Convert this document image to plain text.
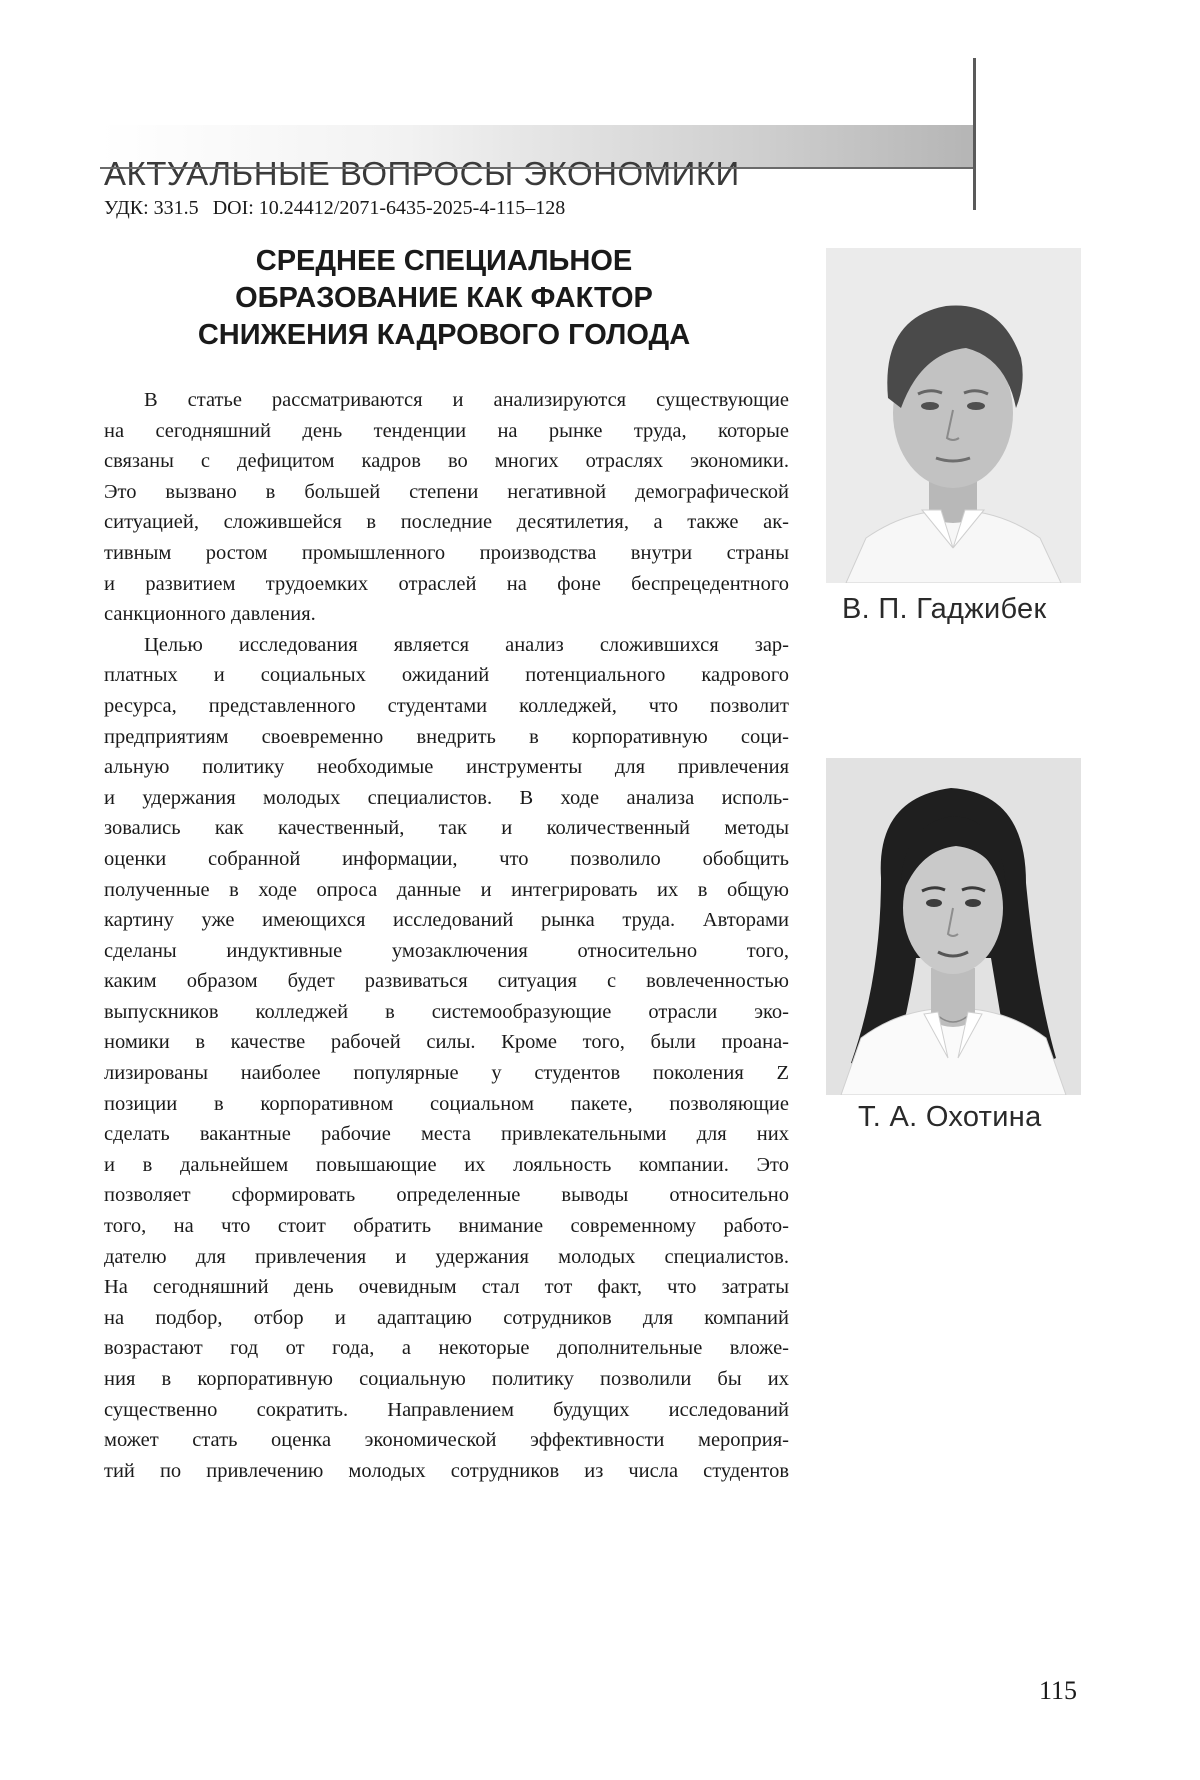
АКТУАЛЬНЫЕ ВОПРОСЫ ЭКОНОМИКИ
УДК: 331.5 DOI: 10.24412/2071-6435-2025-4-115–128
СРЕДНЕЕ СПЕЦИАЛЬНОЕ
ОБРАЗОВАНИЕ КАК ФАКТОР
СНИЖЕНИЯ КАДРОВОГО ГОЛОДА
В статье рассматриваются и анализируются существующие
на сегодняшний день тенденции на рынке труда, которые
связаны с дефицитом кадров во многих отраслях экономики.
Это вызвано в большей степени негативной демографической
ситуацией, сложившейся в последние десятилетия, а также ак-
тивным ростом промышленного производства внутри страны
и развитием трудоемких отраслей на фоне беспрецедентного
санкционного давления.
Целью исследования является анализ сложившихся зар-
платных и социальных ожиданий потенциального кадрового
ресурса, представленного студентами колледжей, что позволит
предприятиям своевременно внедрить в корпоративную соци-
альную политику необходимые инструменты для привлечения
и удержания молодых специалистов. В ходе анализа исполь-
зовались как качественный, так и количественный методы
оценки собранной информации, что позволило обобщить
полученные в ходе опроса данные и интегрировать их в общую
картину уже имеющихся исследований рынка труда. Авторами
сделаны индуктивные умозаключения относительно того,
каким образом будет развиваться ситуация с вовлеченностью
выпускников колледжей в системообразующие отрасли эко-
номики в качестве рабочей силы. Кроме того, были проана-
лизированы наиболее популярные у студентов поколения Z
позиции в корпоративном социальном пакете, позволяющие
сделать вакантные рабочие места привлекательными для них
и в дальнейшем повышающие их лояльность компании. Это
позволяет сформировать определенные выводы относительно
того, на что стоит обратить внимание современному работо-
дателю для привлечения и удержания молодых специалистов.
На сегодняшний день очевидным стал тот факт, что затраты
на подбор, отбор и адаптацию сотрудников для компаний
возрастают год от года, а некоторые дополнительные вложе-
ния в корпоративную социальную политику позволили бы их
существенно сократить. Направлением будущих исследований
может стать оценка экономической эффективности мероприя-
тий по привлечению молодых сотрудников из числа студентов
В. П. Гаджибек
Т. А. Охотина
115
